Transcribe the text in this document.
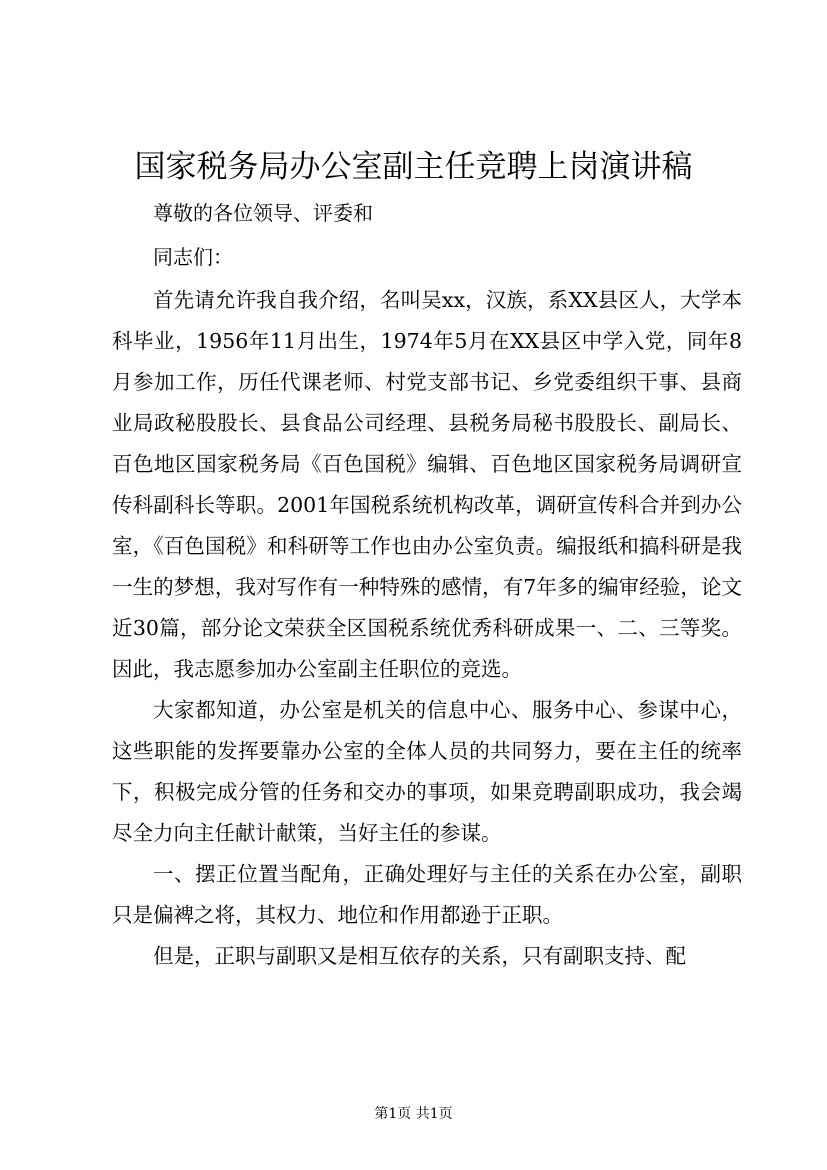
国家税务局办公室副主任竞聘上岗演讲稿

尊敬的各位领导、评委和

同志们：

首先请允许我自我介绍，名叫吴xx，汉族，系XX县区人，大学本科毕业，1956年11月出生，1974年5月在XX县区中学入党，同年8月参加工作，历任代课老师、村党支部书记、乡党委组织干事、县商业局政秘股股长、县食品公司经理、县税务局秘书股股长、副局长、百色地区国家税务局《百色国税》编辑、百色地区国家税务局调研宣传科副科长等职。2001年国税系统机构改革，调研宣传科合并到办公室，《百色国税》和科研等工作也由办公室负责。编报纸和搞科研是我一生的梦想，我对写作有一种特殊的感情，有7年多的编审经验，论文近30篇，部分论文荣获全区国税系统优秀科研成果一、二、三等奖。因此，我志愿参加办公室副主任职位的竞选。

大家都知道，办公室是机关的信息中心、服务中心、参谋中心，这些职能的发挥要靠办公室的全体人员的共同努力，要在主任的统率下，积极完成分管的任务和交办的事项，如果竞聘副职成功，我会竭尽全力向主任献计献策，当好主任的参谋。

一、摆正位置当配角，正确处理好与主任的关系在办公室，副职只是偏裨之将，其权力、地位和作用都逊于正职。

但是，正职与副职又是相互依存的关系，只有副职支持、配

第1页 共1页
